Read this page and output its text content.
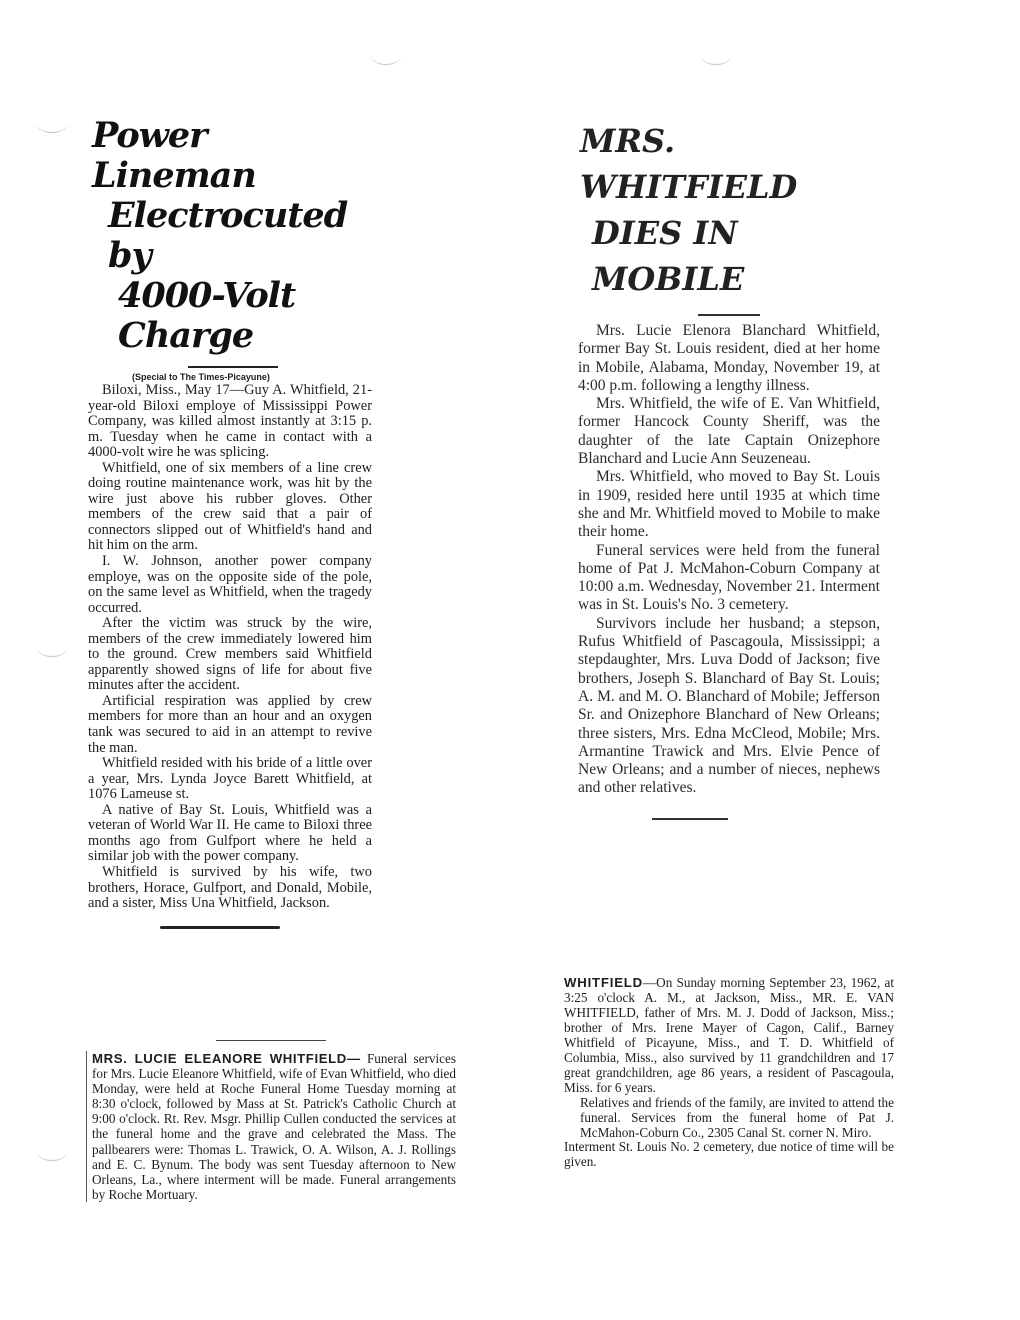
Power Lineman
Electrocuted by
4000-Volt Charge
(Special to The Times-Picayune)

Biloxi, Miss., May 17—Guy A. Whitfield, 21-year-old Biloxi employe of Mississippi Power Company, was killed almost instantly at 3:15 p. m. Tuesday when he came in contact with a 4000-volt wire he was splicing.

Whitfield, one of six members of a line crew doing routine maintenance work, was hit by the wire just above his rubber gloves. Other members of the crew said that a pair of connectors slipped out of Whitfield's hand and hit him on the arm.

I. W. Johnson, another power company employe, was on the opposite side of the pole, on the same level as Whitfield, when the tragedy occurred.

After the victim was struck by the wire, members of the crew immediately lowered him to the ground. Crew members said Whitfield apparently showed signs of life for about five minutes after the accident.

Artificial respiration was applied by crew members for more than an hour and an oxygen tank was secured to aid in an attempt to revive the man.

Whitfield resided with his bride of a little over a year, Mrs. Lynda Joyce Barett Whitfield, at 1076 Lameuse st.

A native of Bay St. Louis, Whitfield was a veteran of World War II. He came to Biloxi three months ago from Gulfport where he held a similar job with the power company.

Whitfield is survived by his wife, two brothers, Horace, Gulfport, and Donald, Mobile, and a sister, Miss Una Whitfield, Jackson.

MRS. WHITFIELD
DIES IN MOBILE

Mrs. Lucie Elenora Blanchard Whitfield, former Bay St. Louis resident, died at her home in Mobile, Alabama, Monday, November 19, at 4:00 p.m. following a lengthy illness.

Mrs. Whitfield, the wife of E. Van Whitfield, former Hancock County Sheriff, was the daughter of the late Captain Onizephore Blanchard and Lucie Ann Seuzeneau.

Mrs. Whitfield, who moved to Bay St. Louis in 1909, resided here until 1935 at which time she and Mr. Whitfield moved to Mobile to make their home.

Funeral services were held from the funeral home of Pat J. McMahon-Coburn Company at 10:00 a.m. Wednesday, November 21. Interment was in St. Louis's No. 3 cemetery.

Survivors include her husband; a stepson, Rufus Whitfield of Pascagoula, Mississippi; a stepdaughter, Mrs. Luva Dodd of Jackson; five brothers, Joseph S. Blanchard of Bay St. Louis; A. M. and M. O. Blanchard of Mobile; Jefferson Sr. and Onizephore Blanchard of New Orleans; three sisters, Mrs. Edna McCleod, Mobile; Mrs. Armantine Trawick and Mrs. Elvie Pence of New Orleans; and a number of nieces, nephews and other relatives.

MRS. LUCIE ELEANORE WHITFIELD— Funeral services for Mrs. Lucie Eleanore Whitfield, wife of Evan Whitfield, who died Monday, were held at Roche Funeral Home Tuesday morning at 8:30 o'clock, followed by Mass at St. Patrick's Catholic Church at 9:00 o'clock. Rt. Rev. Msgr. Phillip Cullen conducted the services at the funeral home and the grave and celebrated the Mass. The pallbearers were: Thomas L. Trawick, O. A. Wilson, A. J. Rollings and E. C. Bynum. The body was sent Tuesday afternoon to New Orleans, La., where interment will be made. Funeral arrangements by Roche Mortuary.

WHITFIELD—On Sunday morning September 23, 1962, at 3:25 o'clock A. M., at Jackson, Miss., MR. E. VAN WHITFIELD, father of Mrs. M. J. Dodd of Jackson, Miss.; brother of Mrs. Irene Mayer of Cagon, Calif., Barney Whitfield of Picayune, Miss., and T. D. Whitfield of Columbia, Miss., also survived by 11 grandchildren and 17 great grandchildren, age 86 years, a resident of Pascagoula, Miss. for 6 years.

Relatives and friends of the family, are invited to attend the funeral. Services from the funeral home of Pat J. McMahon-Coburn Co., 2305 Canal St. corner N. Miro.

Interment St. Louis No. 2 cemetery, due notice of time will be given.
